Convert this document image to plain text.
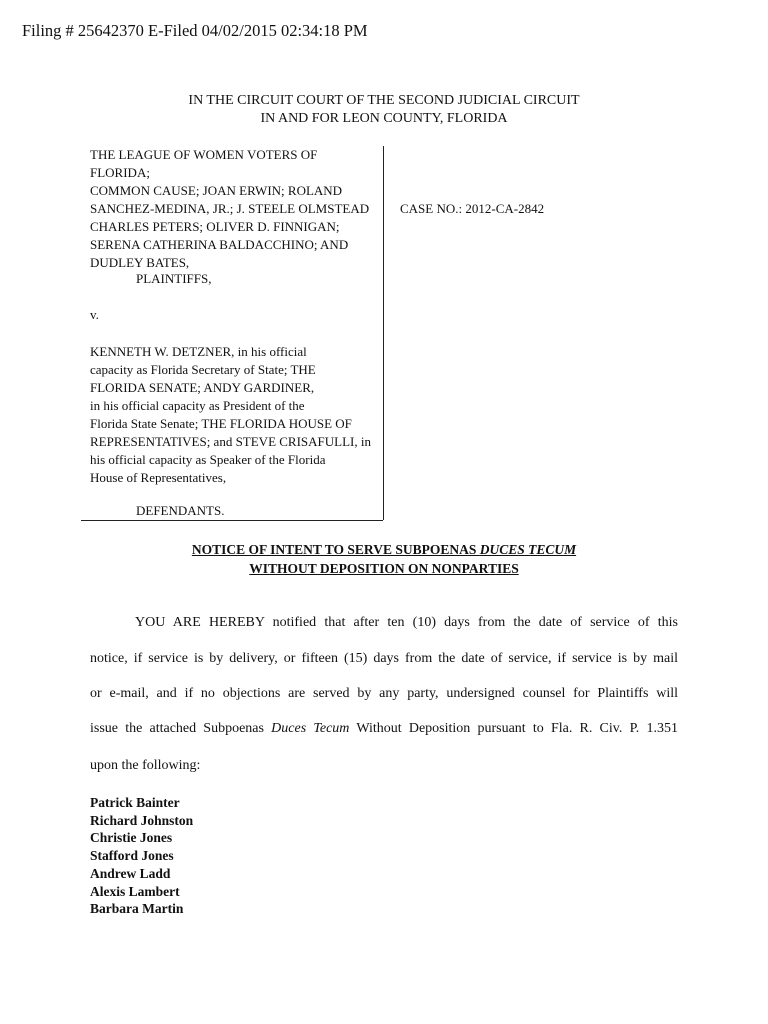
Filing # 25642370 E-Filed 04/02/2015 02:34:18 PM
IN THE CIRCUIT COURT OF THE SECOND JUDICIAL CIRCUIT
IN AND FOR LEON COUNTY, FLORIDA
THE LEAGUE OF WOMEN VOTERS OF FLORIDA;
COMMON CAUSE; JOAN ERWIN; ROLAND
SANCHEZ-MEDINA, JR.; J. STEELE OLMSTEAD
CHARLES PETERS; OLIVER D. FINNIGAN;
SERENA CATHERINA BALDACCHINO; AND
DUDLEY BATES,
PLAINTIFFS,
v.
KENNETH W. DETZNER, in his official
capacity as Florida Secretary of State; THE
FLORIDA SENATE; ANDY GARDINER,
in his official capacity as President of the
Florida State Senate; THE FLORIDA HOUSE OF
REPRESENTATIVES; and STEVE CRISAFULLI, in
his official capacity as Speaker of the Florida
House of Representatives,
DEFENDANTS.
CASE NO.: 2012-CA-2842
NOTICE OF INTENT TO SERVE SUBPOENAS DUCES TECUM
WITHOUT DEPOSITION ON NONPARTIES
YOU ARE HEREBY notified that after ten (10) days from the date of service of this
notice, if service is by delivery, or fifteen (15) days from the date of service, if service is by mail
or e-mail, and if no objections are served by any party, undersigned counsel for Plaintiffs will
issue the attached Subpoenas Duces Tecum Without Deposition pursuant to Fla. R. Civ. P. 1.351
upon the following:
Patrick Bainter
Richard Johnston
Christie Jones
Stafford Jones
Andrew Ladd
Alexis Lambert
Barbara Martin
